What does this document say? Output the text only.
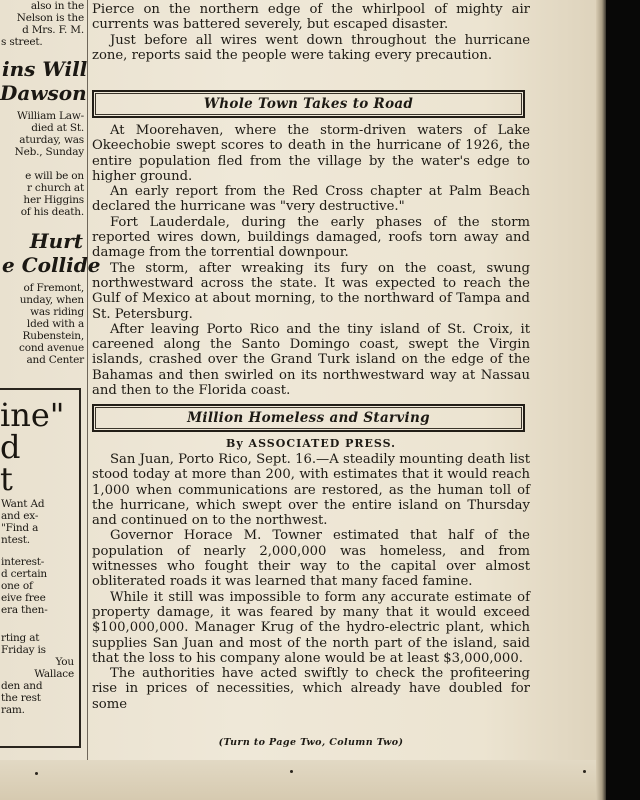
also in the
Nelson is the
d Mrs. F. M.
s street.
ins Will
Dawson
William Law-
died at St.
aturday, was
Neb., Sunday
e will be on
r church at
her Higgins
of his death.
Hurt
e Collide
of Fremont,
unday, when
was riding
lded with a
Rubenstein,
cond avenue
and Center
ine"
d
t
Want Ad
and ex-
"Find a
ntest.
interest-
d certain
one of
eive free
era then-
rting at
Friday is
You
Wallace
den and
the rest
ram.

Pierce on the northern edge of the whirlpool of mighty air currents was battered severely, but escaped disaster.

Just before all wires went down throughout the hurricane zone, reports said the people were taking every precaution.

Whole Town Takes to Road

At Moorehaven, where the storm-driven waters of Lake Okeechobie swept scores to death in the hurricane of 1926, the entire population fled from the village by the water's edge to higher ground.

An early report from the Red Cross chapter at Palm Beach declared the hurricane was "very destructive."

Fort Lauderdale, during the early phases of the storm reported wires down, buildings damaged, roofs torn away and damage from the torrential downpour.

The storm, after wreaking its fury on the coast, swung northwestward across the state. It was expected to reach the Gulf of Mexico at about morning, to the northward of Tampa and St. Petersburg.

After leaving Porto Rico and the tiny island of St. Croix, it careened along the Santo Domingo coast, swept the Virgin islands, crashed over the Grand Turk island on the edge of the Bahamas and then swirled on its northwestward way at Nassau and then to the Florida coast.

Million Homeless and Starving
By ASSOCIATED PRESS.

San Juan, Porto Rico, Sept. 16.—A steadily mounting death list stood today at more than 200, with estimates that it would reach 1,000 when communications are restored, as the human toll of the hurricane, which swept over the entire island on Thursday and continued on to the northwest.

Governor Horace M. Towner estimated that half of the population of nearly 2,000,000 was homeless, and from witnesses who fought their way to the capital over almost obliterated roads it was learned that many faced famine.

While it still was impossible to form any accurate estimate of property damage, it was feared by many that it would exceed $100,000,000. Manager Krug of the hydro-electric plant, which supplies San Juan and most of the north part of the island, said that the loss to his company alone would be at least $3,000,000.

The authorities have acted swiftly to check the profiteering rise in prices of necessities, which already have doubled for some

(Turn to Page Two, Column Two)
